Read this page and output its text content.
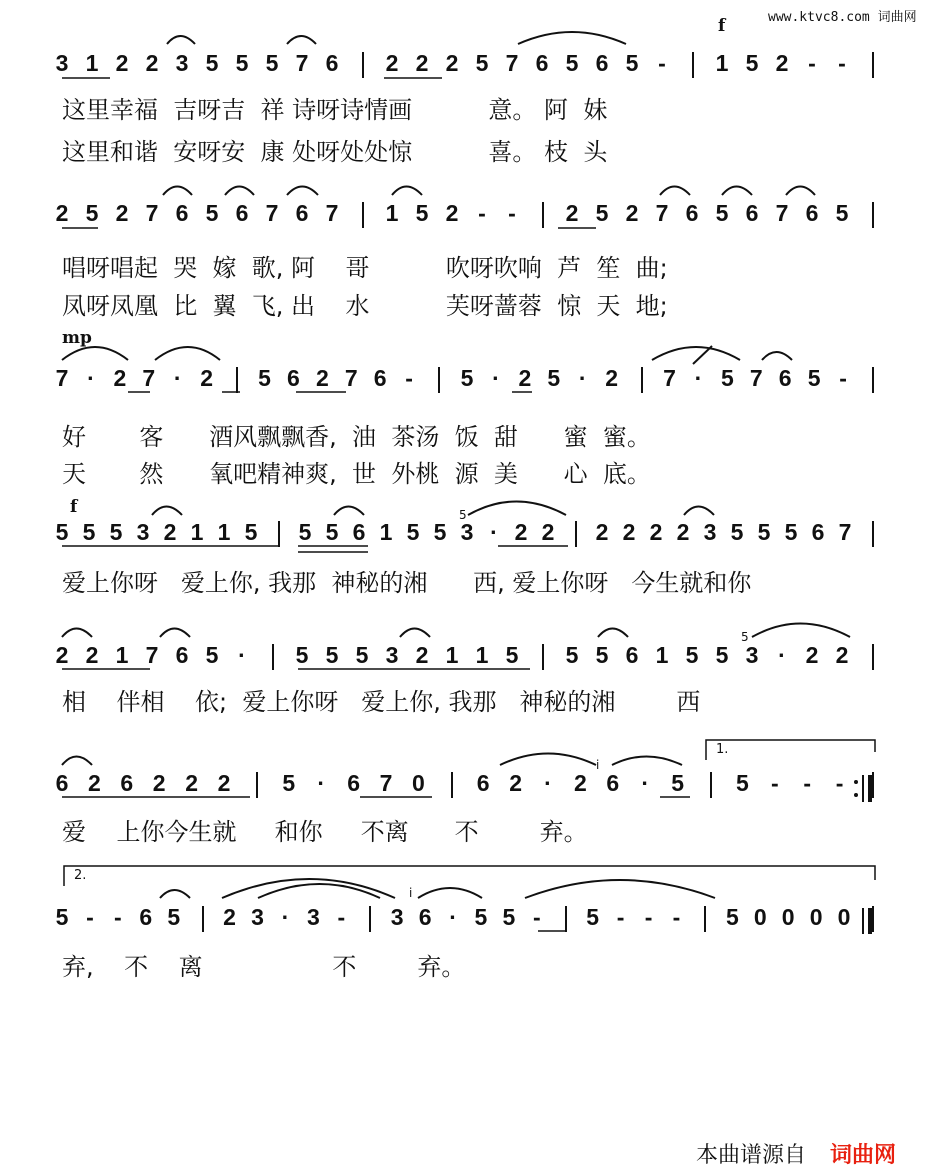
www.ktvc8.com 词曲网
f
mp
f
1.
2.
5
5
i
i
3 1 2 2 3 5 5 5 7 6 2 2 2 5 7 6 5 6 5 - 1 5 2 - -
2 5 2 7 6 5 6 7 6 7 1 5 2 - - 2 5 2 7 6 5 6 7 6 5
7 · 2 7 · 2 5 6 2 7 6 - 5 · 2 5 · 2 7 · 5 7 6 5 -
5 5 5 3 2 1 1 5 5 5 6 1 5 5 3 · 2 2 2 2 2 2 3 5 5 5 6 7
2 2 1 7 6 5 · 5 5 5 3 2 1 1 5 5 5 6 1 5 5 3 · 2 2
6 2 6 2 2 2 5 · 6 7 0 6 2 · 2 6 · 5 5 - - -
5 - - 6 5 2 3 · 3 - 3 6 · 5 5 - 5 - - - 5 0 0 0 0
这里幸福  吉呀吉  祥 诗呀诗情画          意。 阿  妹
这里和谐  安呀安  康 处呀处处惊          喜。 枝  头
唱呀唱起  哭  嫁  歌, 阿    哥          吹呀吹响  芦  笙  曲;
凤呀凤凰  比  翼  飞, 出    水          芙呀蔷蓉  惊  天  地;
好       客      酒风飘飘香,  油  茶汤  饭  甜      蜜  蜜。
天       然      氧吧精神爽,  世  外桃  源  美      心  底。
爱上你呀   爱上你, 我那  神秘的湘      西, 爱上你呀   今生就和你
相    伴相    依;  爱上你呀   爱上你, 我那   神秘的湘        西
爱    上你今生就     和你     不离      不        弃。
弃,    不    离                 不        弃。
本曲谱源自 词曲网
